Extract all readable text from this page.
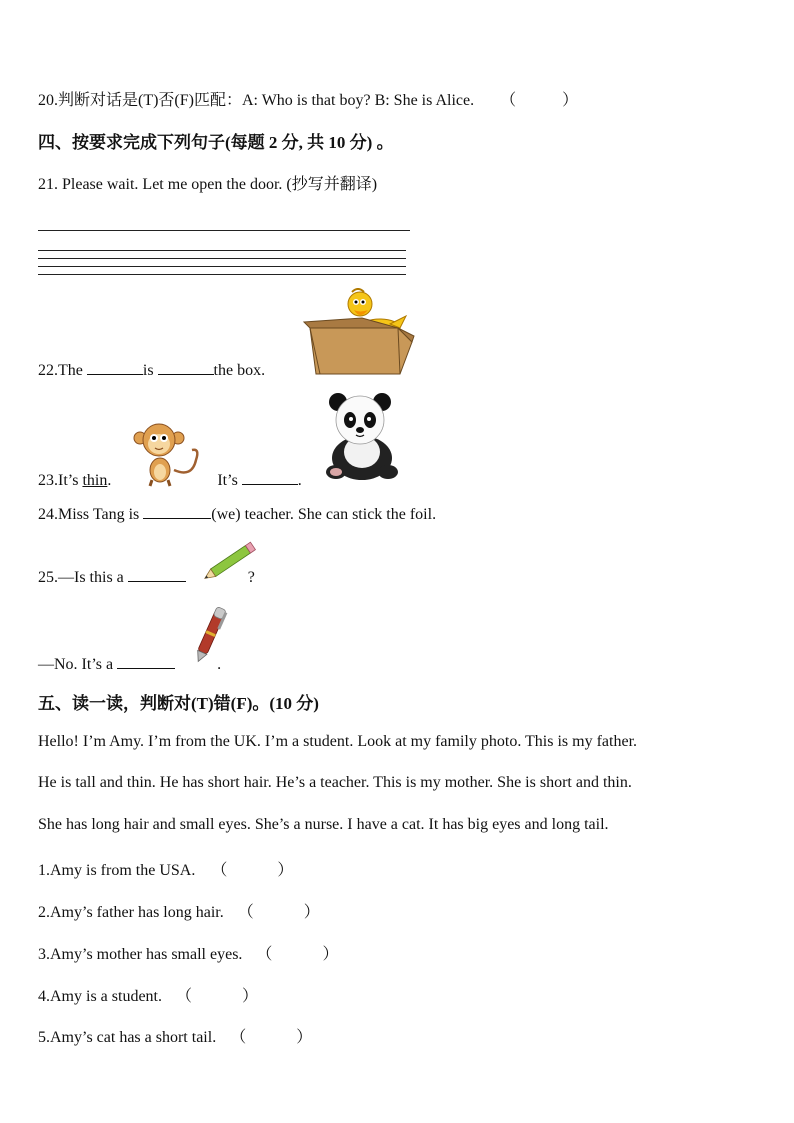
20.判断对话是(T)否(F)匹配：A: Who is that boy? B: She is Alice. （	）
四、按要求完成下列句子(每题 2 分, 共 10 分) 。
21. Please wait. Let me open the door. (抄写并翻译)
22.The	is	the box.
23.It’s thin.	It’s	.
24.Miss Tang is	(we) teacher. She can stick the foil.
25.—Is this a	?
—No. It’s a	.
五、读一读，判断对(T)错(F)。(10 分)
Hello! I’m Amy. I’m from the UK. I’m a student. Look at my family photo. This is my father.
He is tall and thin. He has short hair. He’s a teacher. This is my mother. She is short and thin.
She has long hair and small eyes. She’s a nurse. I have a cat. It has big eyes and long tail.
1.Amy is from the USA. （	）
2.Amy’s father has long hair. （	）
3.Amy’s mother has small eyes. （	）
4.Amy is a student. （	）
5.Amy’s cat has a short tail. （	）
